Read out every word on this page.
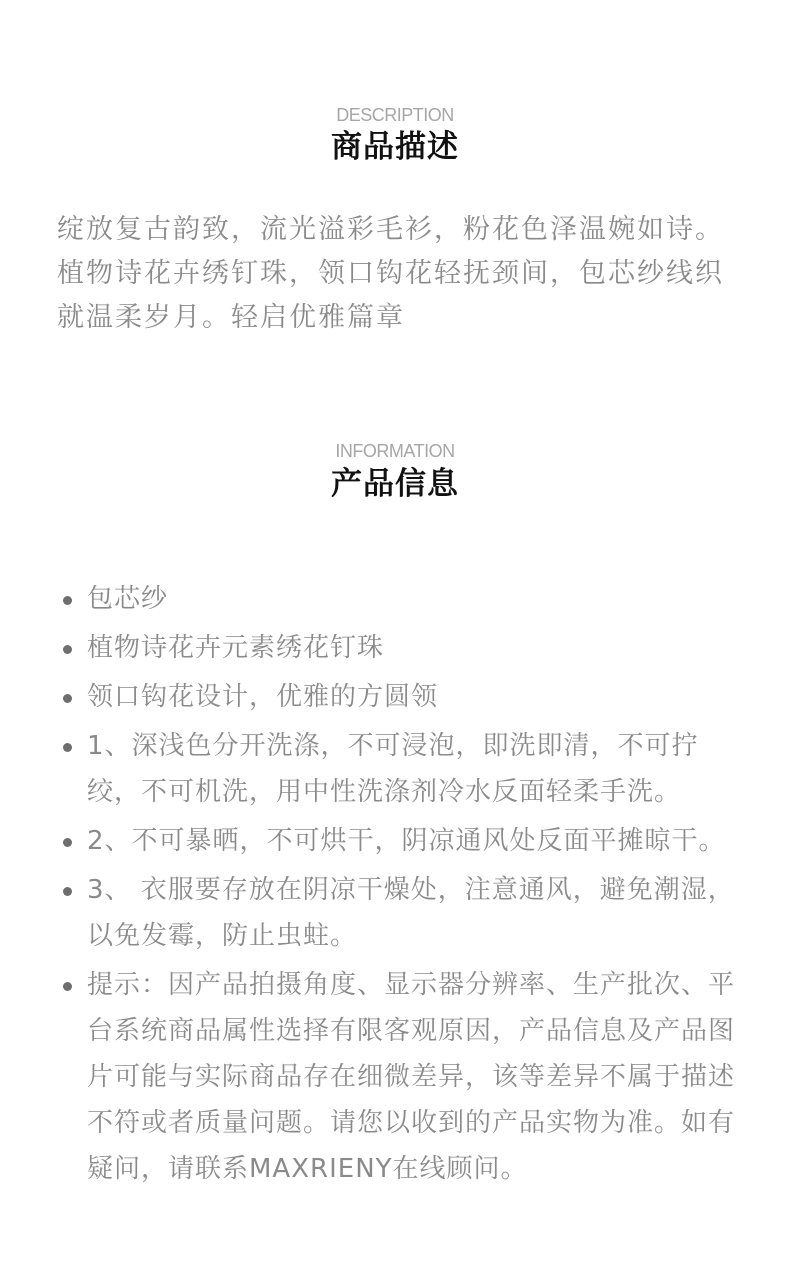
DESCRIPTION
商品描述
绽放复古韵致，流光溢彩毛衫，粉花色泽温婉如诗。植物诗花卉绣钉珠，领口钩花轻抚颈间，包芯纱线织就温柔岁月。轻启优雅篇章
INFORMATION
产品信息
包芯纱
植物诗花卉元素绣花钉珠
领口钩花设计，优雅的方圆领
1、深浅色分开洗涤，不可浸泡，即洗即清，不可拧绞，不可机洗，用中性洗涤剂冷水反面轻柔手洗。
2、不可暴晒，不可烘干，阴凉通风处反面平摊晾干。
3、 衣服要存放在阴凉干燥处，注意通风，避免潮湿，以免发霉，防止虫蛀。
提示：因产品拍摄角度、显示器分辨率、生产批次、平台系统商品属性选择有限客观原因，产品信息及产品图片可能与实际商品存在细微差异，该等差异不属于描述不符或者质量问题。请您以收到的产品实物为准。如有疑问，请联系MAXRIENY在线顾问。
